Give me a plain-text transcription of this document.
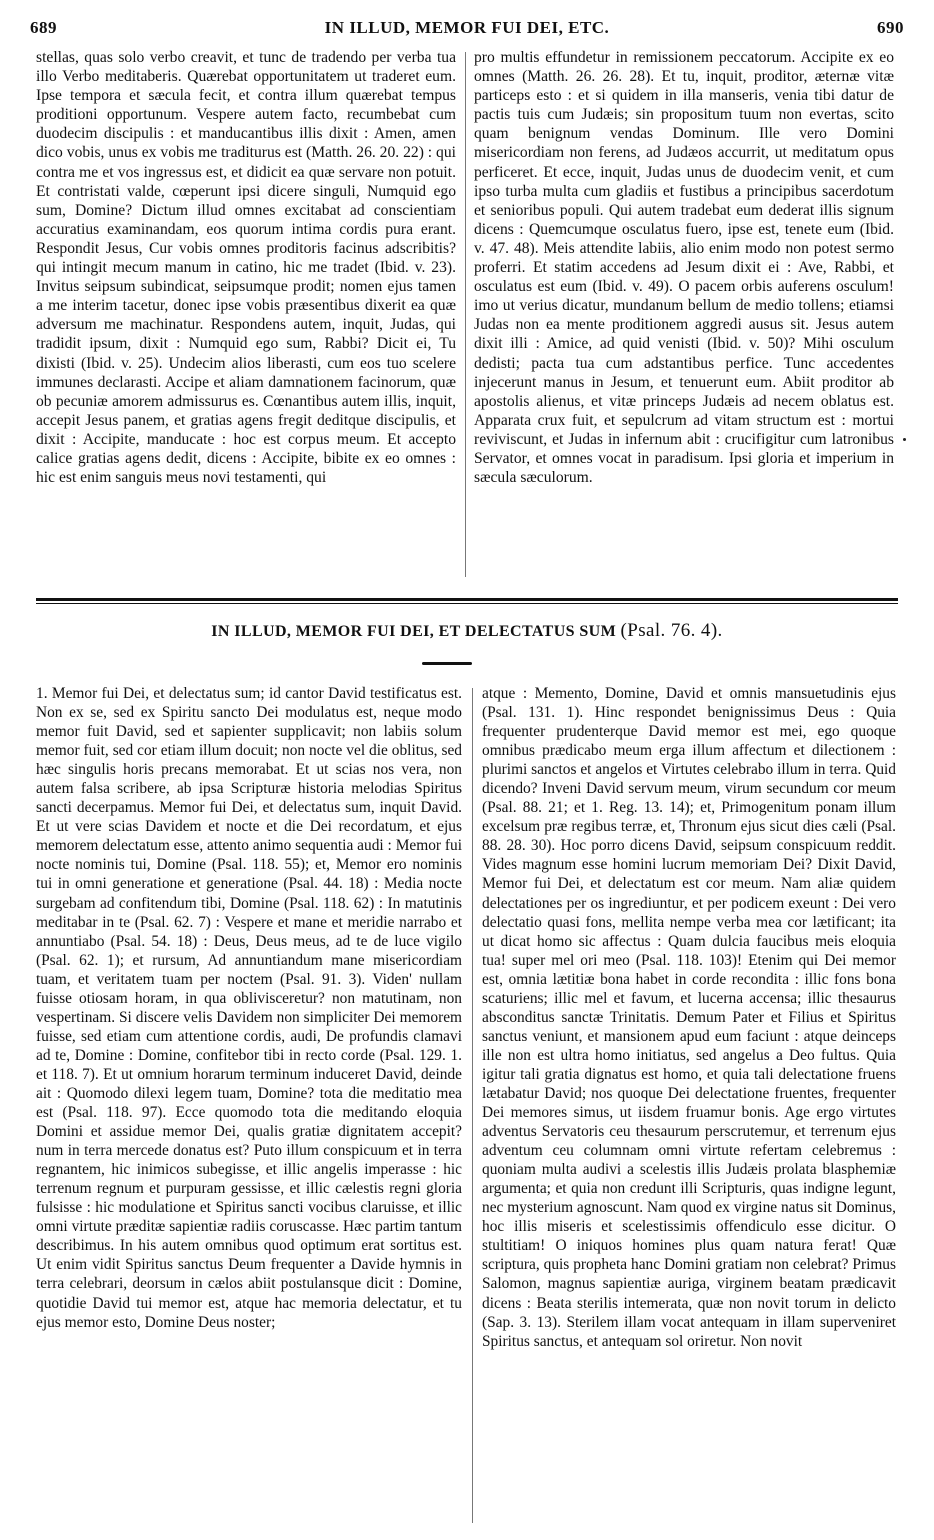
689	IN ILLUD, MEMOR FUI DEI, ETC.	690
stellas, quas solo verbo creavit, et tunc de tradendo per verba tua illo Verbo meditaberis. Quærebat opportunitatem ut traderet eum. Ipse tempora et sæcula fecit, et contra illum quærebat tempus proditioni opportunum. Vespere autem facto, recumbebat cum duodecim discipulis : et manducantibus illis dixit : Amen, amen dico vobis, unus ex vobis me traditurus est (Matth. 26. 20. 22) : qui contra me et vos ingressus est, et didicit ea quæ servare non potuit. Et contristati valde, cœperunt ipsi dicere singuli, Numquid ego sum, Domine? Dictum illud omnes excitabat ad conscientiam accuratius examinandam, eos quorum intima cordis pura erant. Respondit Jesus, Cur vobis omnes proditoris facinus adscribitis? qui intingit mecum manum in catino, hic me tradet (Ibid. v. 23). Invitus seipsum subindicat, seipsumque prodit; nomen ejus tamen a me interim tacetur, donec ipse vobis præsentibus dixerit ea quæ adversum me machinatur. Respondens autem, inquit, Judas, qui tradidit ipsum, dixit : Numquid ego sum, Rabbi? Dicit ei, Tu dixisti (Ibid. v. 25). Undecim alios liberasti, cum eos tuo scelere immunes declarasti. Accipe et aliam damnationem facinorum, quæ ob pecuniæ amorem admissurus es. Cœnantibus autem illis, inquit, accepit Jesus panem, et gratias agens fregit deditque discipulis, et dixit : Accipite, manducate : hoc est corpus meum. Et accepto calice gratias agens dedit, dicens : Accipite, bibite ex eo omnes : hic est enim sanguis meus novi testamenti, qui
pro multis effundetur in remissionem peccatorum. Accipite ex eo omnes (Matth. 26. 26. 28). Et tu, inquit, proditor, æternæ vitæ particeps esto : et si quidem in illa manseris, venia tibi datur de pactis tuis cum Judæis; sin propositum tuum non evertas, scito quam benignum vendas Dominum. Ille vero Domini misericordiam non ferens, ad Judæos accurrit, ut meditatum opus perficeret. Et ecce, inquit, Judas unus de duodecim venit, et cum ipso turba multa cum gladiis et fustibus a principibus sacerdotum et senioribus populi. Qui autem tradebat eum dederat illis signum dicens : Quemcumque osculatus fuero, ipse est, tenete eum (Ibid. v. 47. 48). Meis attendite labiis, alio enim modo non potest sermo proferri. Et statim accedens ad Jesum dixit ei : Ave, Rabbi, et osculatus est eum (Ibid. v. 49). O pacem orbis auferens osculum! imo ut verius dicatur, mundanum bellum de medio tollens; etiamsi Judas non ea mente proditionem aggredi ausus sit. Jesus autem dixit illi : Amice, ad quid venisti (Ibid. v. 50)? Mihi osculum dedisti; pacta tua cum adstantibus perfice. Tunc accedentes injecerunt manus in Jesum, et tenuerunt eum. Abiit proditor ab apostolis alienus, et vitæ princeps Judæis ad necem oblatus est. Apparata crux fuit, et sepulcrum ad vitam structum est : mortui reviviscunt, et Judas in infernum abit : crucifigitur cum latronibus Servator, et omnes vocat in paradisum. Ipsi gloria et imperium in sæcula sæculorum.
IN ILLUD, MEMOR FUI DEI, ET DELECTATUS SUM (Psal. 76. 4).
1. Memor fui Dei, et delectatus sum; id cantor David testificatus est. Non ex se, sed ex Spiritu sancto Dei modulatus est, neque modo memor fuit David, sed et sapienter supplicavit; non labiis solum memor fuit, sed cor etiam illum docuit; non nocte vel die oblitus, sed hæc singulis horis precans memorabat. Et ut scias nos vera, non autem falsa scribere, ab ipsa Scripturæ historia melodias Spiritus sancti decerpamus. Memor fui Dei, et delectatus sum, inquit David. Et ut vere scias Davidem et nocte et die Dei recordatum, et ejus memorem delectatum esse, attento animo sequentia audi : Memor fui nocte nominis tui, Domine (Psal. 118. 55); et, Memor ero nominis tui in omni generatione et generatione (Psal. 44. 18) : Media nocte surgebam ad confitendum tibi, Domine (Psal. 118. 62) : In matutinis meditabar in te (Psal. 62. 7) : Vespere et mane et meridie narrabo et annuntiabo (Psal. 54. 18) : Deus, Deus meus, ad te de luce vigilo (Psal. 62. 1); et rursum, Ad annuntiandum mane misericordiam tuam, et veritatem tuam per noctem (Psal. 91. 3). Viden' nullam fuisse otiosam horam, in qua oblivisceretur? non matutinam, non vespertinam. Si discere velis Davidem non simpliciter Dei memorem fuisse, sed etiam cum attentione cordis, audi, De profundis clamavi ad te, Domine : Domine, confitebor tibi in recto corde (Psal. 129. 1. et 118. 7). Et ut omnium horarum terminum induceret David, deinde ait : Quomodo dilexi legem tuam, Domine? tota die meditatio mea est (Psal. 118. 97). Ecce quomodo tota die meditando eloquia Domini et assidue memor Dei, qualis gratiæ dignitatem accepit? num in terra mercede donatus est? Puto illum conspicuum et in terra regnantem, hic inimicos subegisse, et illic angelis imperasse : hic terrenum regnum et purpuram gessisse, et illic cælestis regni gloria fulsisse : hic modulatione et Spiritus sancti vocibus claruisse, et illic omni virtute præditæ sapientiæ radiis coruscasse. Hæc partim tantum describimus. In his autem omnibus quod optimum erat sortitus est. Ut enim vidit Spiritus sanctus Deum frequenter a Davide hymnis in terra celebrari, deorsum in cælos abiit postulansque dicit : Domine, quotidie David tui memor est, atque hac memoria delectatur, et tu ejus memor esto, Domine Deus noster;
atque : Memento, Domine, David et omnis mansuetudinis ejus (Psal. 131. 1). Hinc respondet benignissimus Deus : Quia frequenter prudenterque David memor est mei, ego quoque omnibus prædicabo meum erga illum affectum et dilectionem : plurimi sanctos et angelos et Virtutes celebrabo illum in terra. Quid dicendo? Inveni David servum meum, virum secundum cor meum (Psal. 88. 21; et 1. Reg. 13. 14); et, Primogenitum ponam illum excelsum præ regibus terræ, et, Thronum ejus sicut dies cæli (Psal. 88. 28. 30). Hoc porro dicens David, seipsum conspicuum reddit. Vides magnum esse homini lucrum memoriam Dei? Dixit David, Memor fui Dei, et delectatum est cor meum. Nam aliæ quidem delectationes per os ingrediuntur, et per podicem exeunt : Dei vero delectatio quasi fons, mellita nempe verba mea cor lætificant; ita ut dicat homo sic affectus : Quam dulcia faucibus meis eloquia tua! super mel ori meo (Psal. 118. 103)! Etenim qui Dei memor est, omnia lætitiæ bona habet in corde recondita : illic fons bona scaturiens; illic mel et favum, et lucerna accensa; illic thesaurus absconditus sanctæ Trinitatis. Demum Pater et Filius et Spiritus sanctus veniunt, et mansionem apud eum faciunt : atque deinceps ille non est ultra homo initiatus, sed angelus a Deo fultus. Quia igitur tali gratia dignatus est homo, et quia tali delectatione fruens lætabatur David; nos quoque Dei delectatione fruentes, frequenter Dei memores simus, ut iisdem fruamur bonis. Age ergo virtutes adventus Servatoris ceu thesaurum perscrutemur, et terrenum ejus adventum ceu columnam omni virtute refertam celebremus : quoniam multa audivi a scelestis illis Judæis prolata blasphemiæ argumenta; et quia non credunt illi Scripturis, quas indigne legunt, nec mysterium agnoscunt. Nam quod ex virgine natus sit Dominus, hoc illis miseris et scelestissimis offendiculo esse dicitur. O stultitiam! O iniquos homines plus quam natura ferat! Quæ scriptura, quis propheta hanc Domini gratiam non celebrat? Primus Salomon, magnus sapientiæ auriga, virginem beatam prædicavit dicens : Beata sterilis intemerata, quæ non novit torum in delicto (Sap. 3. 13). Sterilem illam vocat antequam in illam superveniret Spiritus sanctus, et antequam sol oriretur. Non novit
